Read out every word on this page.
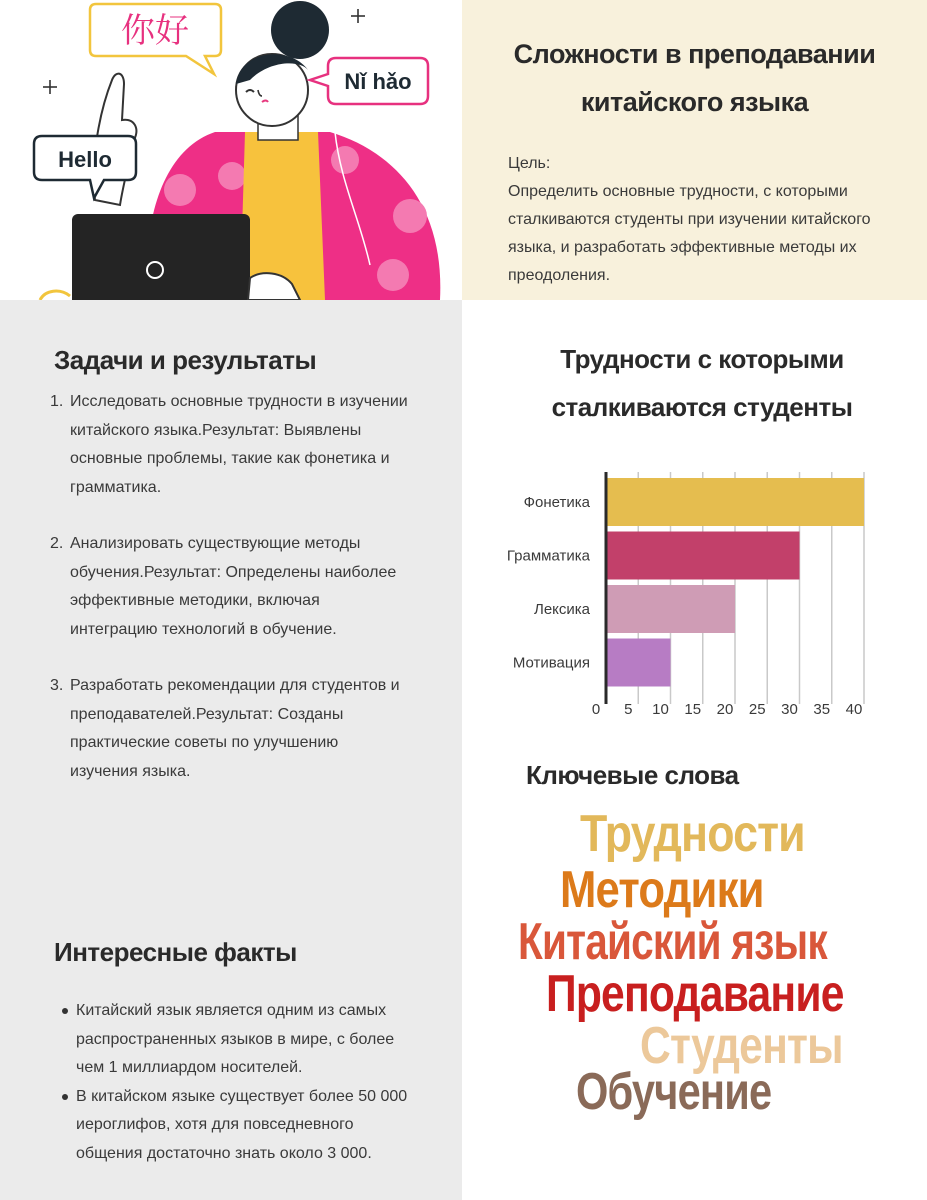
你好
Nǐ hǎo
Hello
Сложности в преподавании китайского языка
Цель:
Определить основные трудности, с которыми сталкиваются студенты при изучении китайского языка, и разработать эффективные методы их преодоления.
Задачи и результаты
1. Исследовать основные трудности в изучении китайского языка.Результат: Выявлены основные проблемы, такие как фонетика и грамматика.
2. Анализировать существующие методы обучения.Результат: Определены наиболее эффективные методики, включая интеграцию технологий в обучение.
3. Разработать рекомендации для студентов и преподавателей.Результат: Созданы практические советы по улучшению изучения языка.
Интересные факты
Китайский язык является одним из самых распространенных языков в мире, с более чем 1 миллиардом носителей.
В китайском языке существует более 50 000 иероглифов, хотя для повседневного общения достаточно знать около 3 000.
Трудности с которыми сталкиваются студенты
0 5 10 15 20 25 30 35 40
Фонетика
Грамматика
Лексика
Мотивация
Ключевые слова
Трудности
Методики
Китайский язык
Преподавание
Студенты
Обучение
